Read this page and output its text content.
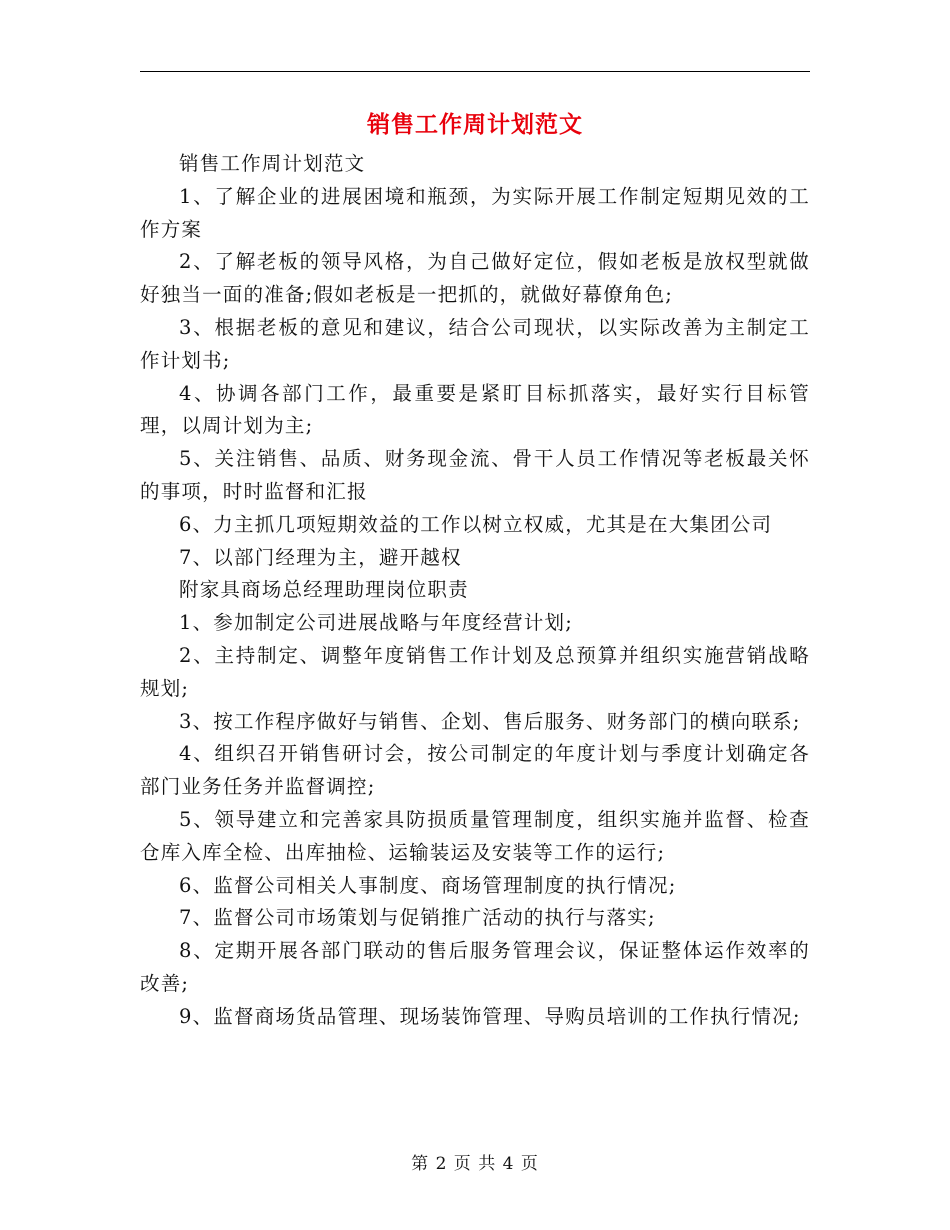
销售工作周计划范文

销售工作周计划范文

1、了解企业的进展困境和瓶颈，为实际开展工作制定短期见效的工作方案

2、了解老板的领导风格，为自己做好定位，假如老板是放权型就做好独当一面的准备;假如老板是一把抓的，就做好幕僚角色;

3、根据老板的意见和建议，结合公司现状，以实际改善为主制定工作计划书;

4、协调各部门工作，最重要是紧盯目标抓落实，最好实行目标管理，以周计划为主;

5、关注销售、品质、财务现金流、骨干人员工作情况等老板最关怀的事项，时时监督和汇报

6、力主抓几项短期效益的工作以树立权威，尤其是在大集团公司

7、以部门经理为主，避开越权

附家具商场总经理助理岗位职责

1、参加制定公司进展战略与年度经营计划;

2、主持制定、调整年度销售工作计划及总预算并组织实施营销战略规划;

3、按工作程序做好与销售、企划、售后服务、财务部门的横向联系;

4、组织召开销售研讨会，按公司制定的年度计划与季度计划确定各部门业务任务并监督调控;

5、领导建立和完善家具防损质量管理制度，组织实施并监督、检查仓库入库全检、出库抽检、运输装运及安装等工作的运行;

6、监督公司相关人事制度、商场管理制度的执行情况;

7、监督公司市场策划与促销推广活动的执行与落实;

8、定期开展各部门联动的售后服务管理会议，保证整体运作效率的改善;

9、监督商场货品管理、现场装饰管理、导购员培训的工作执行情况;

第 2 页 共 4 页
